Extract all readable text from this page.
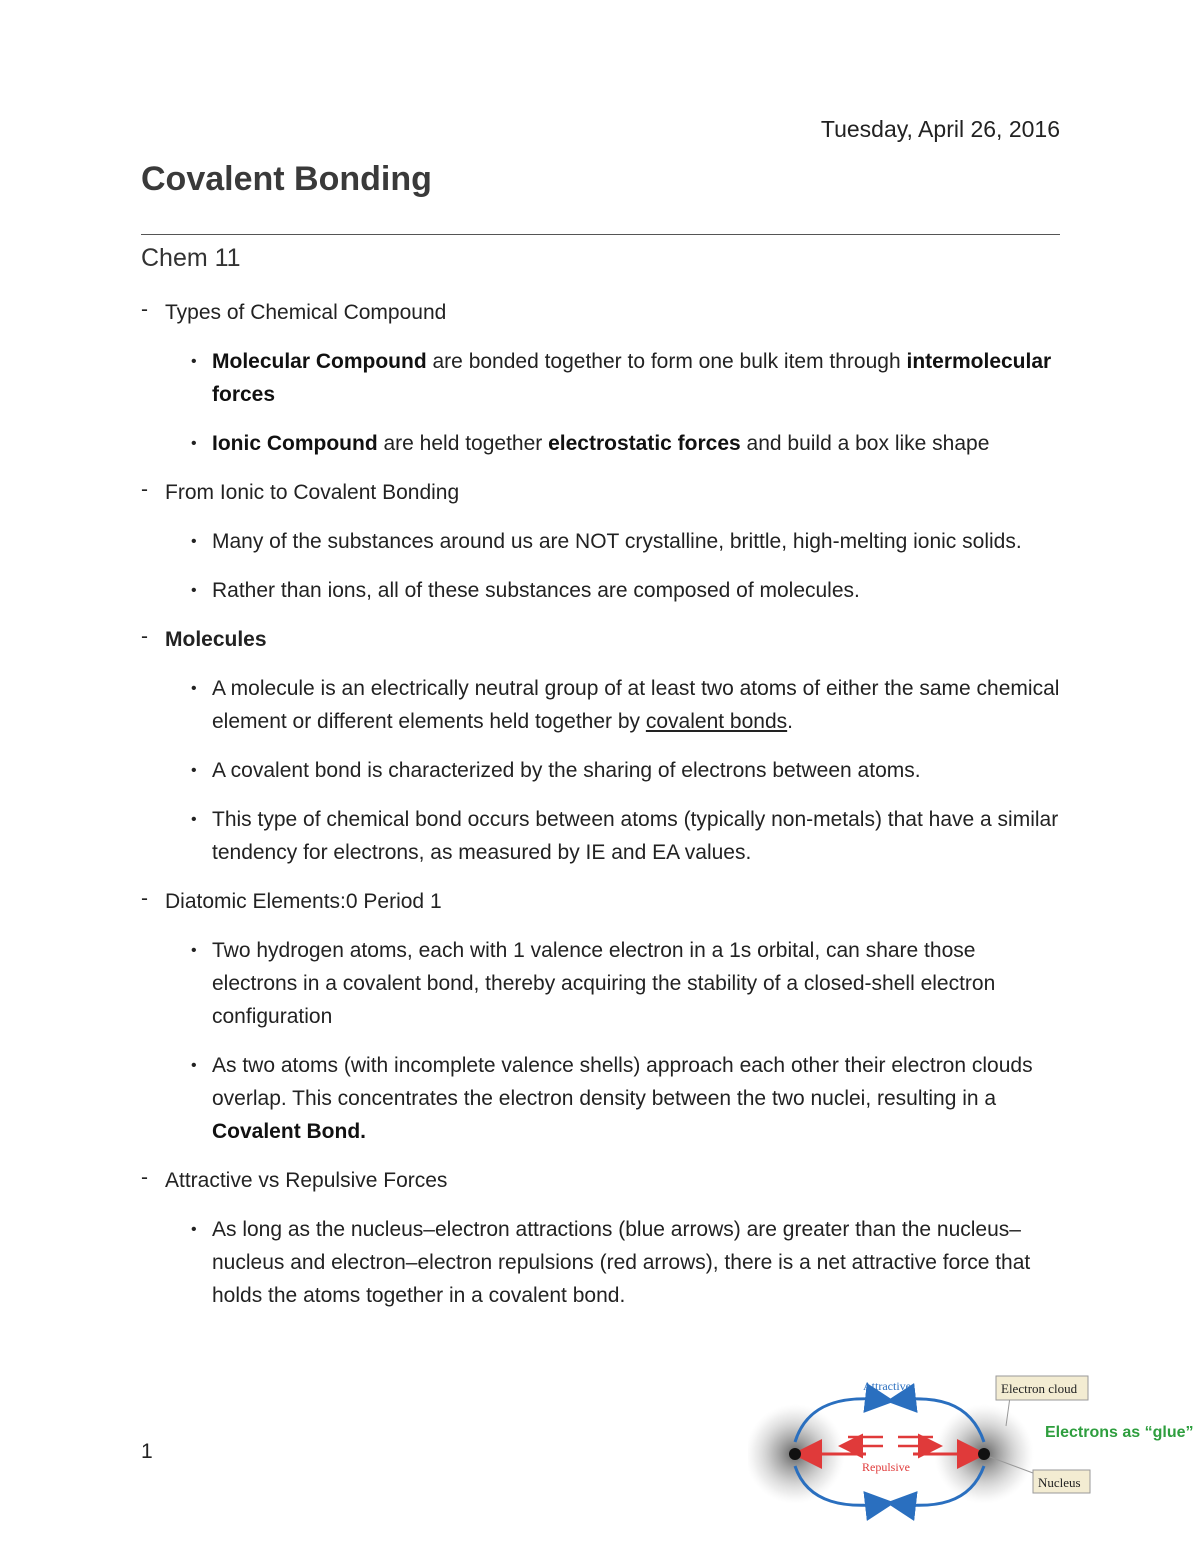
Tuesday, April 26, 2016
Covalent Bonding
Chem 11
- Types of Chemical Compound
• Molecular Compound are bonded together to form one bulk item through intermolecular forces
• Ionic Compound are held together electrostatic forces and build a box like shape
- From Ionic to Covalent Bonding
• Many of the substances around us are NOT crystalline, brittle, high-melting ionic solids.
• Rather than ions, all of these substances are composed of molecules.
- Molecules
• A molecule is an electrically neutral group of at least two atoms of either the same chemical element or different elements held together by covalent bonds.
• A covalent bond is characterized by the sharing of electrons between atoms.
• This type of chemical bond occurs between atoms (typically non-metals) that have a similar tendency for electrons, as measured by IE and EA values.
- Diatomic Elements:0 Period 1
• Two hydrogen atoms, each with 1 valence electron in a 1s orbital, can share those electrons in a covalent bond, thereby acquiring the stability of a closed-shell electron configuration
• As two atoms (with incomplete valence shells) approach each other their electron clouds overlap. This concentrates the electron density between the two nuclei, resulting in a Covalent Bond.
- Attractive vs Repulsive Forces
• As long as the nucleus–electron attractions (blue arrows) are greater than the nucleus–nucleus and electron–electron repulsions (red arrows), there is a net attractive force that holds the atoms together in a covalent bond.
1
Attractive
Repulsive
Electron cloud
Nucleus
Electrons as “glue”
